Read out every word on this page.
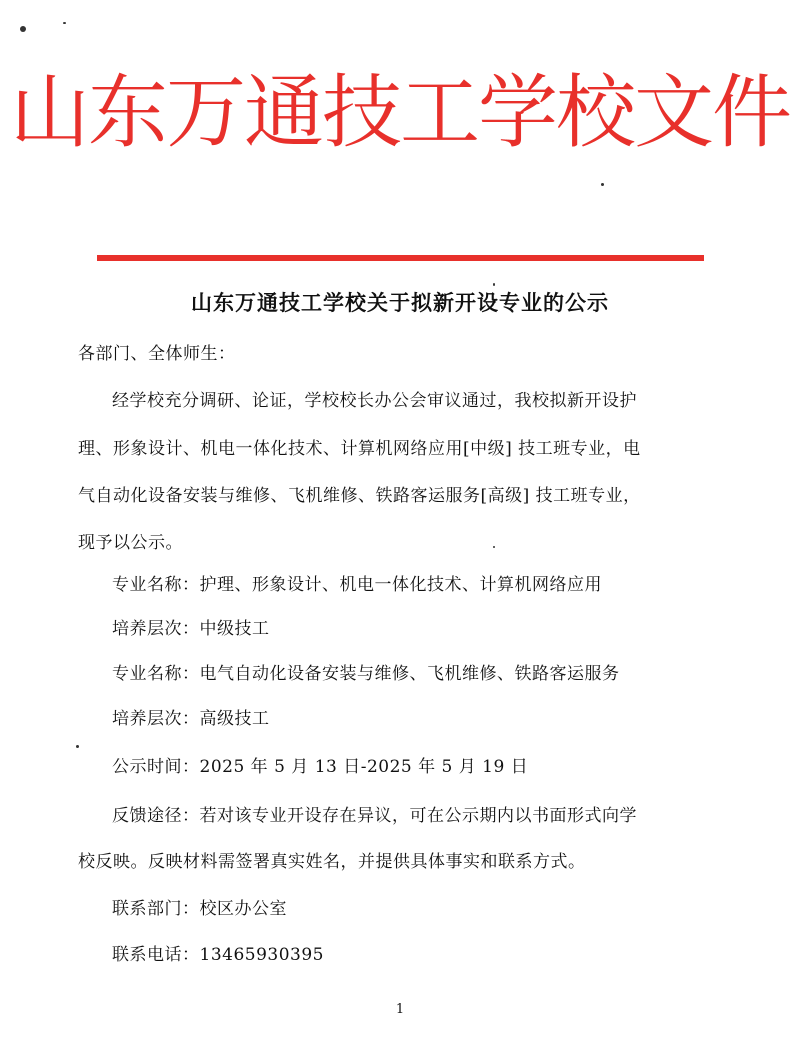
山东万通技工学校文件
山东万通技工学校关于拟新开设专业的公示
各部门、全体师生：
经学校充分调研、论证，学校校长办公会审议通过，我校拟新开设护
理、形象设计、机电一体化技术、计算机网络应用[中级] 技工班专业，电
气自动化设备安装与维修、飞机维修、铁路客运服务[高级] 技工班专业，
现予以公示。
专业名称：护理、形象设计、机电一体化技术、计算机网络应用
培养层次：中级技工
专业名称：电气自动化设备安装与维修、飞机维修、铁路客运服务
培养层次：高级技工
公示时间：2025 年 5 月 13 日-2025 年 5 月 19 日
反馈途径：若对该专业开设存在异议，可在公示期内以书面形式向学
校反映。反映材料需签署真实姓名，并提供具体事实和联系方式。
联系部门：校区办公室
联系电话：13465930395
1
